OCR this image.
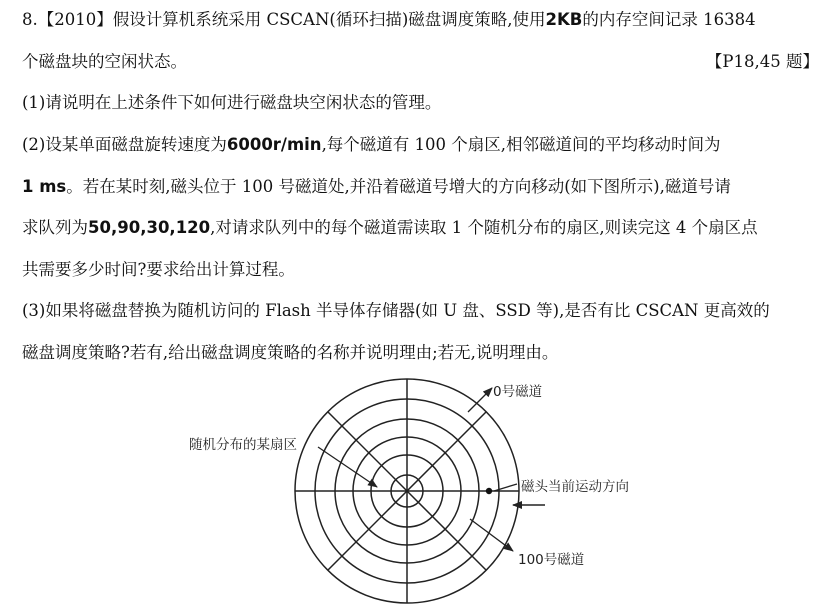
8.【2010】假设计算机系统采用 CSCAN(循环扫描)磁盘调度策略,使用2KB的内存空间记录 16384
个磁盘块的空闲状态。	【P18,45 题】
(1)请说明在上述条件下如何进行磁盘块空闲状态的管理。
(2)设某单面磁盘旋转速度为6000r/min,每个磁道有 100 个扇区,相邻磁道间的平均移动时间为
1 ms。若在某时刻,磁头位于 100 号磁道处,并沿着磁道号增大的方向移动(如下图所示),磁道号请
求队列为50,90,30,120,对请求队列中的每个磁道需读取 1 个随机分布的扇区,则读完这 4 个扇区点
共需要多少时间?要求给出计算过程。
(3)如果将磁盘替换为随机访问的 Flash 半导体存储器(如 U 盘、SSD 等),是否有比 CSCAN 更高效的
磁盘调度策略?若有,给出磁盘调度策略的名称并说明理由;若无,说明理由。
0号磁道
随机分布的某扇区
磁头当前运动方向
100号磁道
